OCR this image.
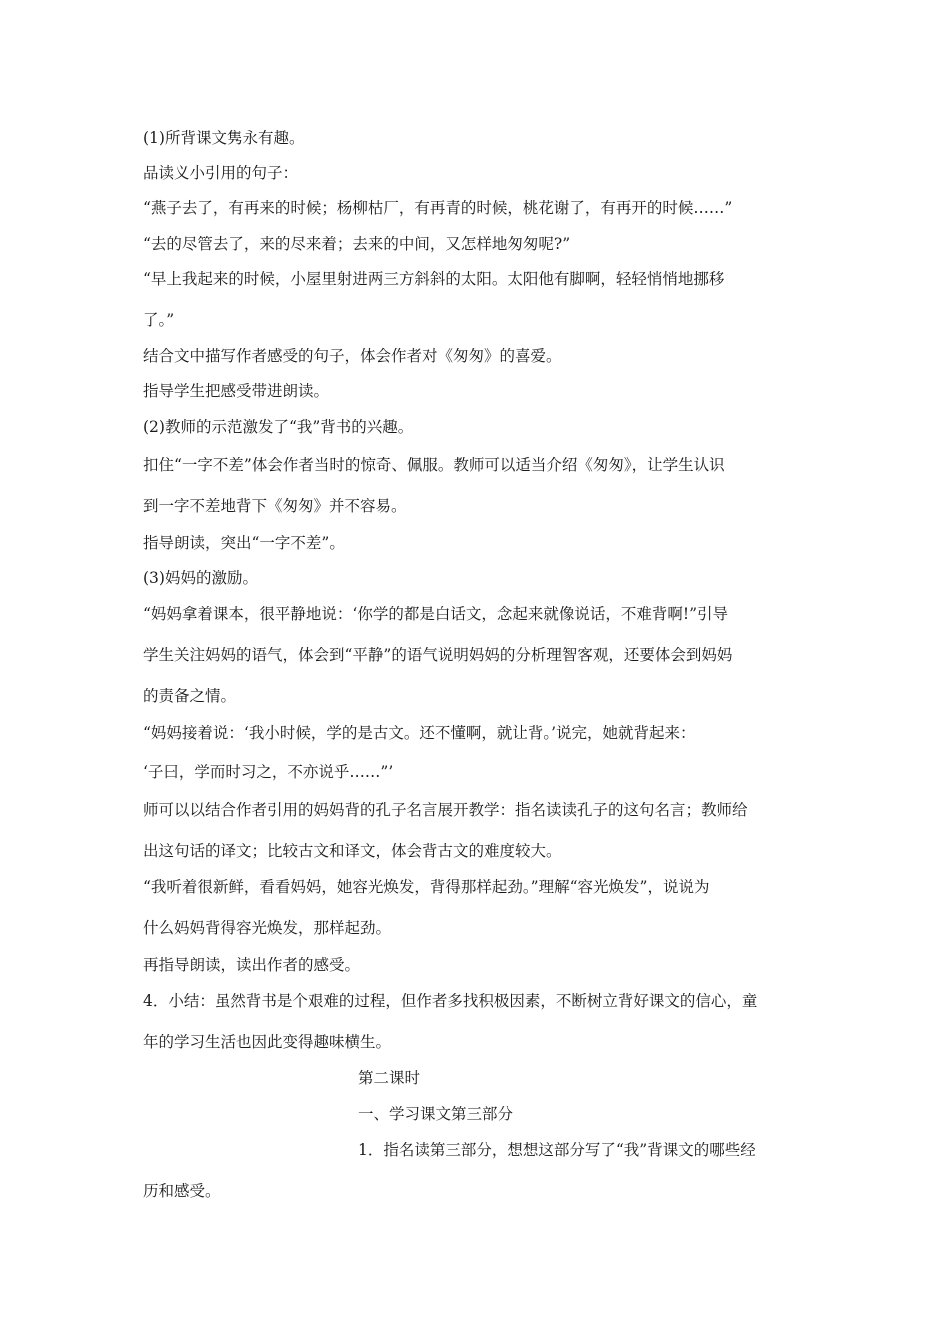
(1)所背课文隽永有趣。
品读义小引用的句子：
“燕子去了，有再来的时候；杨柳枯厂，有再青的时候，桃花谢了，有再开的时候……”
“去的尽管去了，来的尽来着；去来的中间，又怎样地匆匆呢?”
“早上我起来的时候，小屋里射进两三方斜斜的太阳。太阳他有脚啊，轻轻悄悄地挪移
了。”
结合文中描写作者感受的句子，体会作者对《匆匆》的喜爱。
指导学生把感受带进朗读。
(2)教师的示范激发了“我”背书的兴趣。
扣住“一字不差”体会作者当时的惊奇、佩服。教师可以适当介绍《匆匆》，让学生认识
到一字不差地背下《匆匆》并不容易。
指导朗读，突出“一字不差”。
(3)妈妈的激励。
“妈妈拿着课本，很平静地说：‘你学的都是白话文，念起来就像说话，不难背啊!”引导
学生关注妈妈的语气，体会到“平静”的语气说明妈妈的分析理智客观，还要体会到妈妈
的责备之情。
“妈妈接着说：‘我小时候，学的是古文。还不懂啊，就让背。’说完，她就背起来：
‘子曰，学而时习之，不亦说乎……”’
师可以以结合作者引用的妈妈背的孔子名言展开教学：指名读读孔子的这句名言；教师给
出这句话的译文；比较古文和译文，体会背古文的难度较大。
“我听着很新鲜，看看妈妈，她容光焕发，背得那样起劲。”理解“容光焕发”，说说为
什么妈妈背得容光焕发，那样起劲。
再指导朗读，读出作者的感受。
4．小结：虽然背书是个艰难的过程，但作者多找积极因素，不断树立背好课文的信心，童
年的学习生活也因此变得趣味横生。
第二课时
一、学习课文第三部分
1．指名读第三部分，想想这部分写了“我”背课文的哪些经
历和感受。
